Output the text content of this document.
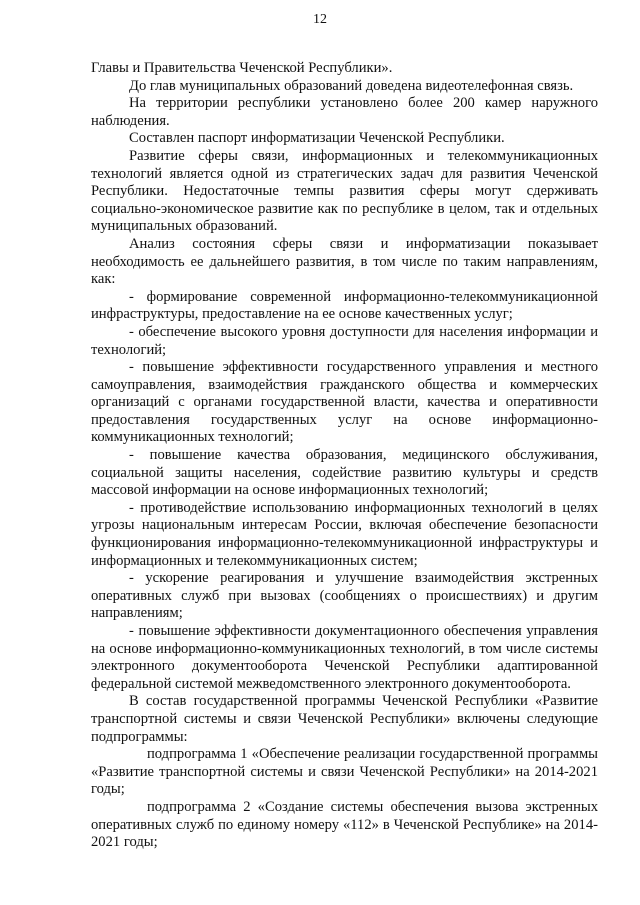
12

Главы и Правительства Чеченской Республики».

До глав муниципальных образований доведена видеотелефонная связь.

На территории республики установлено более 200 камер наружного наблюдения.

Составлен паспорт информатизации Чеченской Республики.

Развитие сферы связи, информационных и телекоммуникационных технологий является одной из стратегических задач для развития Чеченской Республики. Недостаточные темпы развития сферы могут сдерживать социально-экономическое развитие как по республике в целом, так и отдельных муниципальных образований.

Анализ состояния сферы связи и информатизации показывает необходимость ее дальнейшего развития, в том числе по таким направлениям, как:

- формирование современной информационно-телекоммуникационной инфраструктуры, предоставление на ее основе качественных услуг;

- обеспечение высокого уровня доступности для населения информации и технологий;

- повышение эффективности государственного управления и местного самоуправления, взаимодействия гражданского общества и коммерческих организаций с органами государственной власти, качества и оперативности предоставления государственных услуг на основе информационно-коммуникационных технологий;

- повышение качества образования, медицинского обслуживания, социальной защиты населения, содействие развитию культуры и средств массовой информации на основе информационных технологий;

- противодействие использованию информационных технологий в целях угрозы национальным интересам России, включая обеспечение безопасности функционирования информационно-телекоммуникационной инфраструктуры и информационных и телекоммуникационных систем;

- ускорение реагирования и улучшение взаимодействия экстренных оперативных служб при вызовах (сообщениях о происшествиях) и другим направлениям;

- повышение эффективности документационного обеспечения управления на основе информационно-коммуникационных технологий, в том числе системы электронного документооборота Чеченской Республики адаптированной федеральной системой межведомственного электронного документооборота.

В состав государственной программы Чеченской Республики «Развитие транспортной системы и связи Чеченской Республики» включены следующие подпрограммы:

подпрограмма 1 «Обеспечение реализации государственной программы «Развитие транспортной системы и связи Чеченской Республики» на 2014-2021 годы;

подпрограмма 2 «Создание системы обеспечения вызова экстренных оперативных служб по единому номеру «112» в Чеченской Республике» на 2014-2021 годы;
